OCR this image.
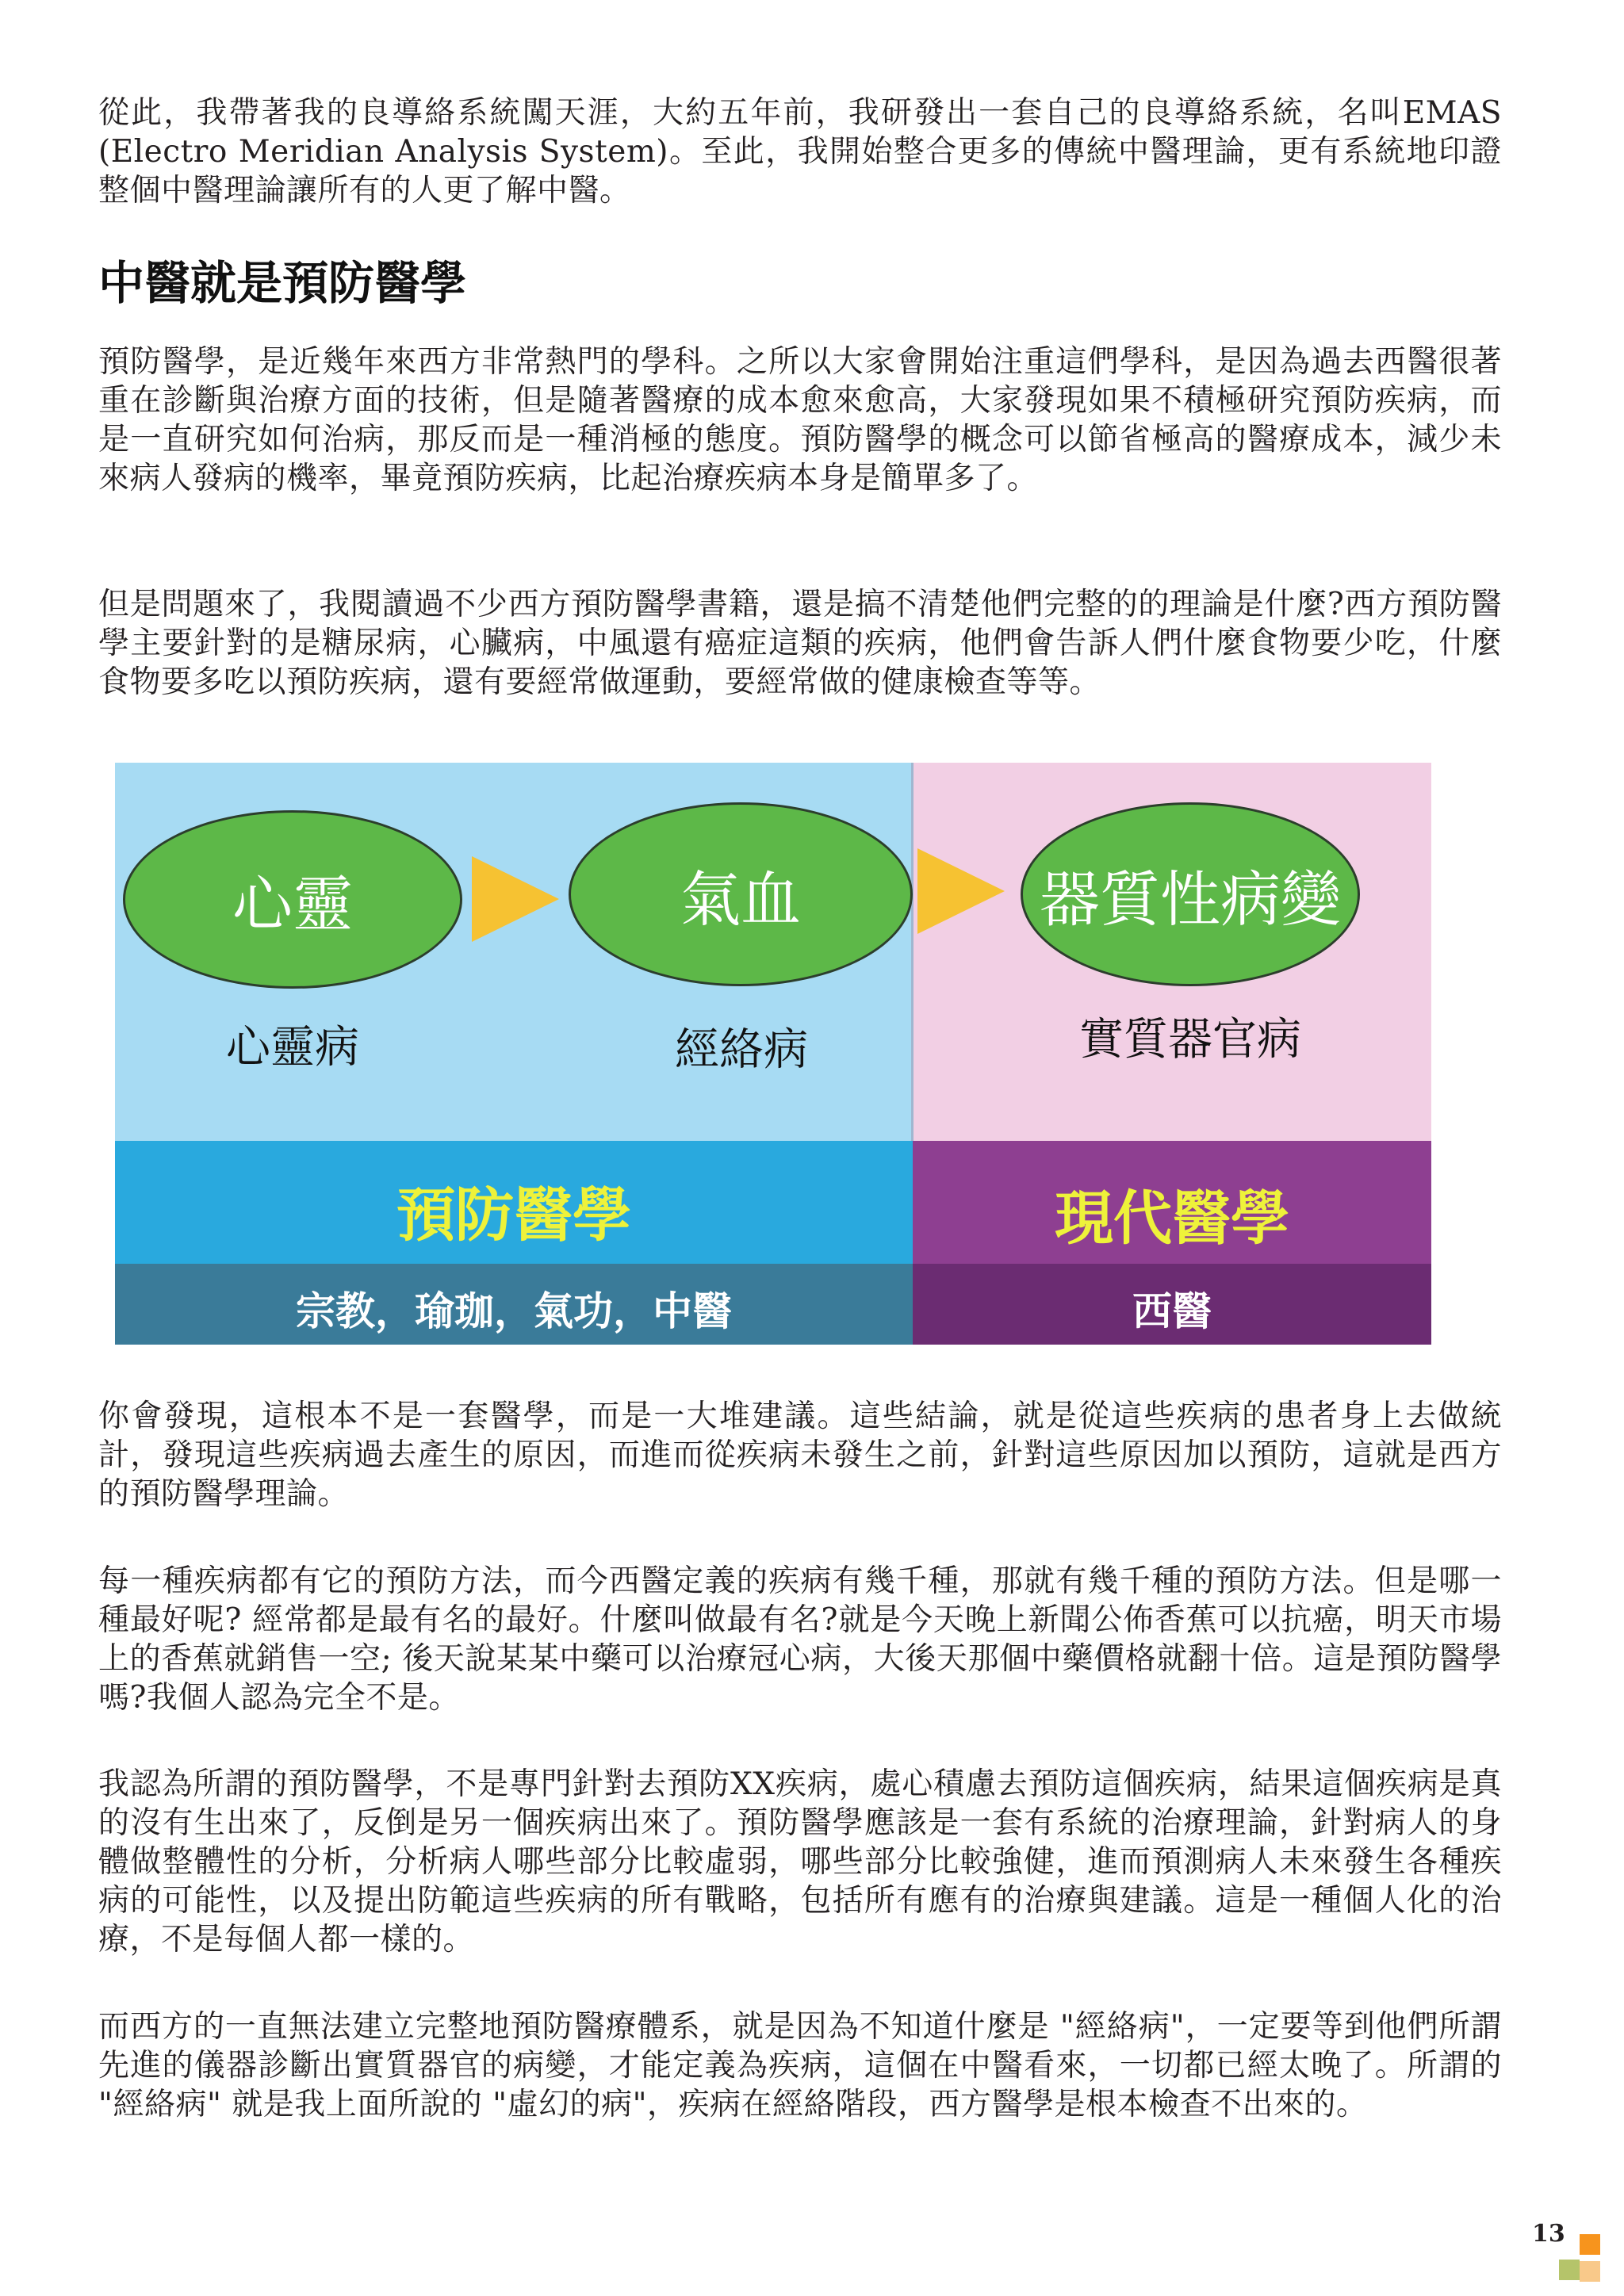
從此，我帶著我的良導絡系統闖天涯，大約五年前，我研發出一套自己的良導絡系統，名叫EMAS (Electro Meridian Analysis System)。至此，我開始整合更多的傳統中醫理論，更有系統地印證整個中醫理論讓所有的人更了解中醫。

中醫就是預防醫學

預防醫學，是近幾年來西方非常熱門的學科。之所以大家會開始注重這們學科，是因為過去西醫很著重在診斷與治療方面的技術，但是隨著醫療的成本愈來愈高，大家發現如果不積極研究預防疾病，而是一直研究如何治病，那反而是一種消極的態度。預防醫學的概念可以節省極高的醫療成本，減少未來病人發病的機率，畢竟預防疾病，比起治療疾病本身是簡單多了。

但是問題來了，我閱讀過不少西方預防醫學書籍，還是搞不清楚他們完整的的理論是什麼?西方預防醫學主要針對的是糖尿病，心臟病，中風還有癌症這類的疾病，他們會告訴人們什麼食物要少吃，什麼食物要多吃以預防疾病，還有要經常做運動，要經常做的健康檢查等等。

心靈	氣血	器質性病變
心靈病	經絡病	實質器官病
預防醫學	現代醫學
宗教，瑜珈，氣功，中醫	西醫

你會發現，這根本不是一套醫學，而是一大堆建議。這些結論，就是從這些疾病的患者身上去做統計，發現這些疾病過去產生的原因，而進而從疾病未發生之前，針對這些原因加以預防，這就是西方的預防醫學理論。

每一種疾病都有它的預防方法，而今西醫定義的疾病有幾千種，那就有幾千種的預防方法。但是哪一種最好呢? 經常都是最有名的最好。什麼叫做最有名?就是今天晚上新聞公佈香蕉可以抗癌，明天市場上的香蕉就銷售一空; 後天說某某中藥可以治療冠心病，大後天那個中藥價格就翻十倍。這是預防醫學嗎?我個人認為完全不是。

我認為所謂的預防醫學，不是專門針對去預防XX疾病，處心積慮去預防這個疾病，結果這個疾病是真的沒有生出來了，反倒是另一個疾病出來了。預防醫學應該是一套有系統的治療理論，針對病人的身體做整體性的分析，分析病人哪些部分比較虛弱，哪些部分比較強健，進而預測病人未來發生各種疾病的可能性，以及提出防範這些疾病的所有戰略，包括所有應有的治療與建議。這是一種個人化的治療，不是每個人都一樣的。

而西方的一直無法建立完整地預防醫療體系，就是因為不知道什麼是 "經絡病"，一定要等到他們所謂先進的儀器診斷出實質器官的病變，才能定義為疾病，這個在中醫看來，一切都已經太晚了。所謂的 "經絡病" 就是我上面所說的 "虛幻的病"，疾病在經絡階段，西方醫學是根本檢查不出來的。

13
